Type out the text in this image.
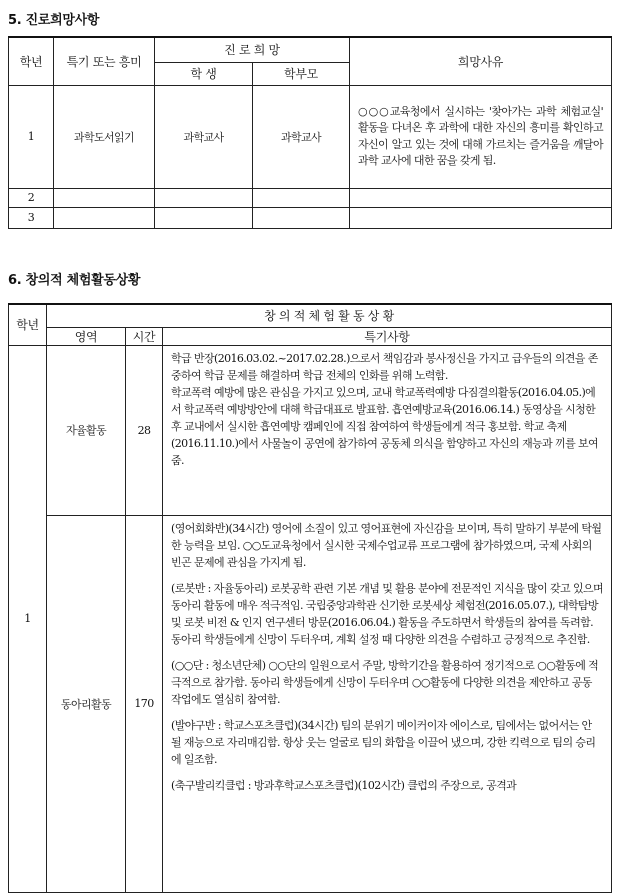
5. 진로희망사항
학년	특기 또는 흥미	진 로 희 망		희망사유
		학 생	학부모	
1	과학도서읽기	과학교사	과학교사	○○○교육청에서 실시하는 '찾아가는 과학 체험교실' 활동을 다녀온 후 과학에 대한 자신의 흥미를 확인하고 자신이 알고 있는 것에 대해 가르치는 즐거움을 깨달아 과학 교사에 대한 꿈을 갖게 됨.
2				
3				
6. 창의적 체험활동상황
학년	창 의 적 체 험 활 동 상 황		
	영역	시간	특기사항
1	자율활동	28	학급 반장(2016.03.02.~2017.02.28.)으로서 책임감과 봉사정신을 가지고 급우들의 의견을 존중하여 학급 문제를 해결하며 학급 전체의 인화를 위해 노력함.

학교폭력 예방에 많은 관심을 가지고 있으며, 교내 학교폭력예방 다짐결의활동(2016.04.05.)에서 학교폭력 예방방안에 대해 학급대표로 발표함. 흡연예방교육(2016.06.14.) 동영상을 시청한 후 교내에서 실시한 흡연예방 캠페인에 직접 참여하여 학생들에게 적극 홍보함. 학교 축제(2016.11.10.)에서 사물놀이 공연에 참가하여 공동체 의식을 함양하고 자신의 재능과 끼를 보여줌.

	동아리활동	170	(영어회화반)(34시간) 영어에 소질이 있고 영어표현에 자신감을 보이며, 특히 말하기 부분에 탁월한 능력을 보임. ○○도교육청에서 실시한 국제수업교류 프로그램에 참가하였으며, 국제 사회의 빈곤 문제에 관심을 가지게 됨.

(로봇반 : 자율동아리) 로봇공학 관련 기본 개념 및 활용 분야에 전문적인 지식을 많이 갖고 있으며 동아리 활동에 매우 적극적임. 국립중앙과학관 신기한 로봇세상 체험전(2016.05.07.), 대학탐방 및 로봇 비전 & 인지 연구센터 방문(2016.06.04.) 활동을 주도하면서 학생들의 참여를 독려함. 동아리 학생들에게 신망이 두터우며, 계획 설정 때 다양한 의견을 수렴하고 긍정적으로 추진함.

(○○단 : 청소년단체) ○○단의 일원으로서 주말, 방학기간을 활용하여 정기적으로 ○○활동에 적극적으로 참가함. 동아리 학생들에게 신망이 두터우며 ○○활동에 다양한 의견을 제안하고 공동 작업에도 열심히 참여함.

(발야구반 : 학교스포츠클럽)(34시간) 팀의 분위기 메이커이자 에이스로, 팀에서는 없어서는 안 될 재능으로 자리매김함. 항상 웃는 얼굴로 팀의 화합을 이끌어 냈으며, 강한 킥력으로 팀의 승리에 일조함.

(축구발리킥클럽 : 방과후학교스포츠클럽)(102시간) 클럽의 주장으로, 공격과
